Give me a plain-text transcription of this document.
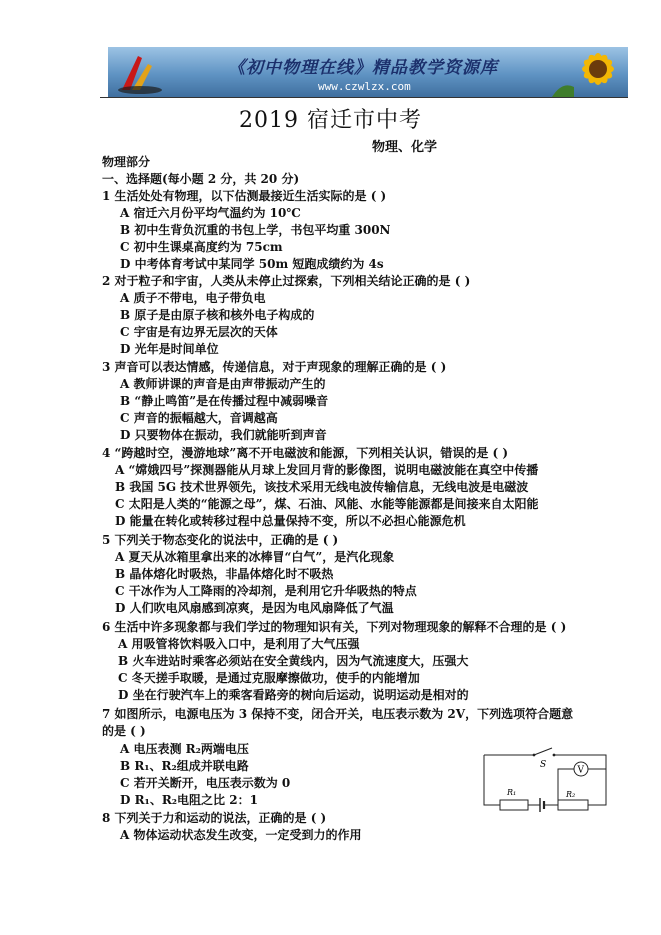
《初中物理在线》精品教学资源库
www.czwlzx.com
2019 宿迁市中考
物理、化学
物理部分
一、选择题(每小题 2 分，共 20 分)
1 生活处处有物理，以下估测最接近生活实际的是 ( )
A 宿迁六月份平均气温约为 10℃
B 初中生背负沉重的书包上学，书包平均重 300N
C 初中生课桌高度约为 75cm
D 中考体育考试中某同学 50m 短跑成绩约为 4s
2 对于粒子和宇宙，人类从未停止过探索，下列相关结论正确的是 ( )
A 质子不带电，电子带负电
B 原子是由原子核和核外电子构成的
C 宇宙是有边界无层次的天体
D 光年是时间单位
3 声音可以表达情感，传递信息，对于声现象的理解正确的是 ( )
A 教师讲课的声音是由声带振动产生的
B “静止鸣笛”是在传播过程中减弱噪音
C 声音的振幅越大，音调越高
D 只要物体在振动，我们就能听到声音
4 “跨越时空，漫游地球”离不开电磁波和能源，下列相关认识，错误的是 ( )
A “嫦娥四号”探测器能从月球上发回月背的影像图，说明电磁波能在真空中传播
B 我国 5G 技术世界领先，该技术采用无线电波传输信息，无线电波是电磁波
C 太阳是人类的“能源之母”，煤、石油、风能、水能等能源都是间接来自太阳能
D 能量在转化或转移过程中总量保持不变，所以不必担心能源危机
5 下列关于物态变化的说法中，正确的是 ( )
A 夏天从冰箱里拿出来的冰棒冒“白气”，是汽化现象
B 晶体熔化时吸热，非晶体熔化时不吸热
C 干冰作为人工降雨的冷却剂，是利用它升华吸热的特点
D 人们吹电风扇感到凉爽，是因为电风扇降低了气温
6 生活中许多现象都与我们学过的物理知识有关，下列对物理现象的解释不合理的是 ( )
A 用吸管将饮料吸入口中，是利用了大气压强
B 火车进站时乘客必须站在安全黄线内，因为气流速度大，压强大
C 冬天搓手取暖，是通过克服摩擦做功，使手的内能增加
D 坐在行驶汽车上的乘客看路旁的树向后运动，说明运动是相对的
7 如图所示，电源电压为 3 保持不变，闭合开关，电压表示数为 2V，下列选项符合题意
的是 ( )
A 电压表测 R₂两端电压
B R₁、R₂组成并联电路
C 若开关断开，电压表示数为 0
D R₁、R₂电阻之比 2：1
S
V
R₁	R₂
8 下列关于力和运动的说法，正确的是 ( )
A 物体运动状态发生改变，一定受到力的作用
